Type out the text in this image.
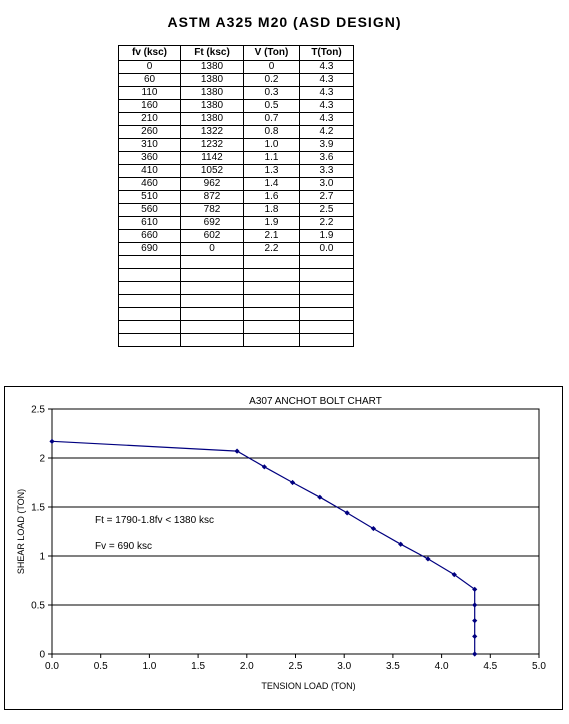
ASTM A325 M20 (ASD DESIGN)
fv (ksc)	Ft (ksc)	V (Ton)	T(Ton)
0	1380	0	4.3
60	1380	0.2	4.3
110	1380	0.3	4.3
160	1380	0.5	4.3
210	1380	0.7	4.3
260	1322	0.8	4.2
310	1232	1.0	3.9
360	1142	1.1	3.6
410	1052	1.3	3.3
460	962	1.4	3.0
510	872	1.6	2.7
560	782	1.8	2.5
610	692	1.9	2.2
660	602	2.1	1.9
690	0	2.2	0.0

0
0.5
1
1.5
2
2.5
0.0	0.5	1.0	1.5	2.0	2.5	3.0	3.5	4.0	4.5	5.0
A307 ANCHOT BOLT CHART
TENSION LOAD (TON)
SHEAR LOAD (TON)	Ft = 1790-1.8fv < 1380 ksc
Fv = 690 ksc
